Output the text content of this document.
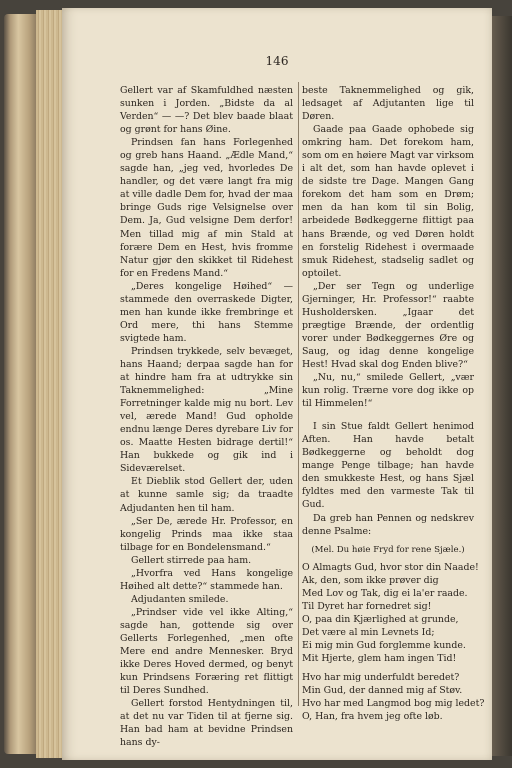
146

Gellert var af Skamfuldhed næsten sunken i Jorden. „Bidste da al Verden“ — —? Det blev baade blaat og grønt for hans Øine.

Prindsen fan hans Forlegenhed og greb hans Haand. „Ædle Mand,“ sagde han, „jeg ved, hvorledes De handler, og det være langt fra mig at ville dadle Dem for, hvad der maa bringe Guds rige Velsignelse over Dem. Ja, Gud velsigne Dem derfor! Men tillad mig af min Stald at forære Dem en Hest, hvis fromme Natur gjør den skikket til Ridehest for en Fredens Mand.“

„Deres kongelige Høihed“ — stammede den overraskede Digter, men han kunde ikke frembringe et Ord mere, thi hans Stemme svigtede ham.

Prindsen trykkede, selv bevæget, hans Haand; derpaa sagde han for at hindre ham fra at udtrykke sin Taknemmelighed: „Mine Forretninger kalde mig nu bort. Lev vel, ærede Mand! Gud opholde endnu længe Deres dyrebare Liv for os. Maatte Hesten bidrage dertil!“ Han bukkede og gik ind i Sideværelset.

Et Dieblik stod Gellert der, uden at kunne samle sig; da traadte Adjudanten hen til ham.

„Ser De, ærede Hr. Professor, en kongelig Prinds maa ikke staa tilbage for en Bondelensmand.“

Gellert stirrede paa ham.

„Hvorfra ved Hans kongelige Høihed alt dette?“ stammede han.

Adjudanten smilede.

„Prindser vide vel ikke Alting,“ sagde han, gottende sig over Gellerts Forlegenhed, „men ofte Mere end andre Mennesker. Bryd ikke Deres Hoved dermed, og benyt kun Prindsens Foræring ret flittigt til Deres Sundhed.

Gellert forstod Hentydningen til, at det nu var Tiden til at fjerne sig. Han bad ham at bevidne Prindsen hans dy-

beste Taknemmelighed og gik, ledsaget af Adjutanten lige til Døren.

Gaade paa Gaade ophobede sig omkring ham. Det forekom ham, som om en høiere Magt var virksom i alt det, som han havde oplevet i de sidste tre Dage. Mangen Gang forekom det ham som en Drøm; men da han kom til sin Bolig, arbeidede Bødkeggerne flittigt paa hans Brænde, og ved Døren holdt en forstelig Ridehest i overmaade smuk Ridehest, stadselig sadlet og optoilet.

„Der ser Tegn og underlige Gjerninger, Hr. Professor!“ raabte Husholdersken. „Igaar det prægtige Brænde, der ordentlig vorer under Bødkeggernes Øre og Saug, og idag denne kongelige Hest! Hvad skal dog Enden blive?“

„Nu, nu,“ smilede Gellert, „vær kun rolig. Trærne vore dog ikke op til Himmelen!“

I sin Stue faldt Gellert henimod Aften. Han havde betalt Bødkeggerne og beholdt dog mange Penge tilbage; han havde den smukkeste Hest, og hans Sjæl fyldtes med den varmeste Tak til Gud.

Da greb han Pennen og nedskrev denne Psalme:

(Mel. Du høie Fryd for rene Sjæle.)

O Almagts Gud, hvor stor din Naade!
Ak, den, som ikke prøver dig
Med Lov og Tak, dig ei la'er raade.
Til Dyret har fornedret sig!
O, paa din Kjærlighed at grunde,
Det være al min Levnets Id;
Ei mig min Gud forglemme kunde.
Mit Hjerte, glem ham ingen Tid!
Hvo har mig underfuldt beredet?
Min Gud, der danned mig af Støv.
Hvo har med Langmod bog mig ledet?
O, Han, fra hvem jeg ofte løb.
